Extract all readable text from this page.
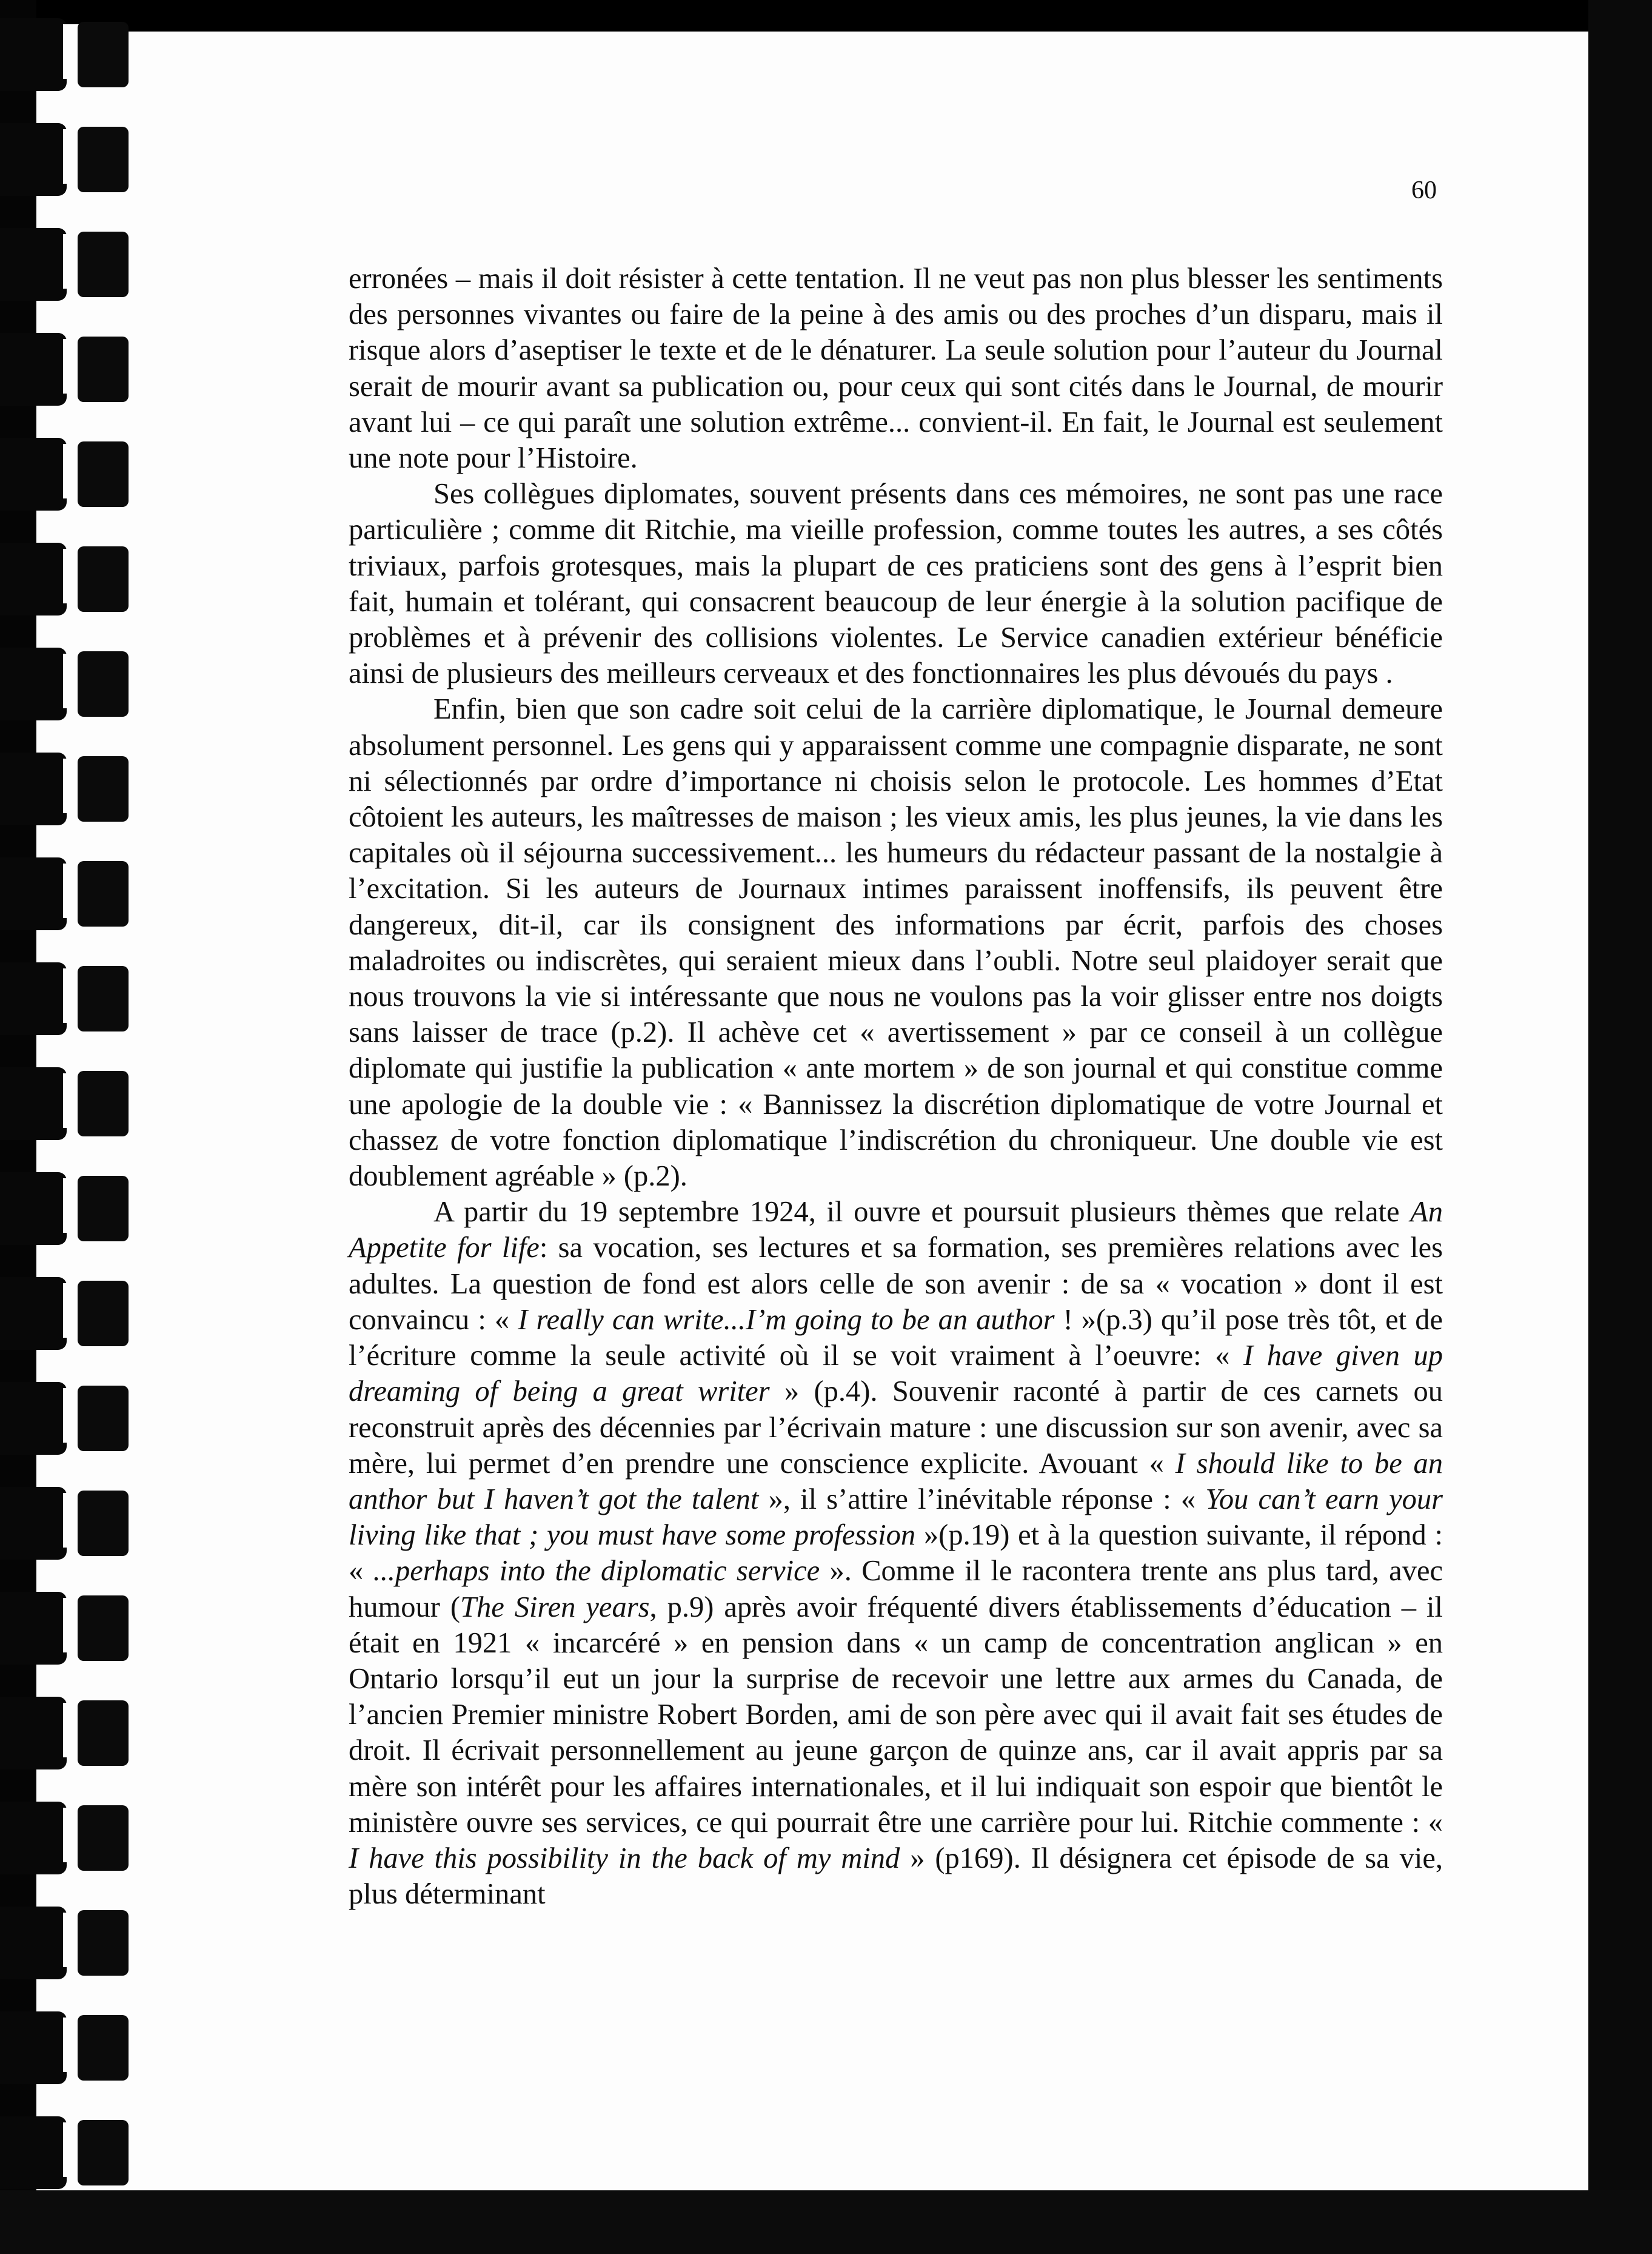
60

erronées – mais il doit résister à cette tentation. Il ne veut pas non plus blesser les sentiments des personnes vivantes ou faire de la peine à des amis ou des proches d’un disparu, mais il risque alors d’aseptiser le texte et de le dénaturer. La seule solution pour l’auteur du Journal serait de mourir avant sa publication ou, pour ceux qui sont cités dans le Journal, de mourir avant lui – ce qui paraît une solution extrême... convient-il. En fait, le Journal est seulement une note pour l’Histoire.

Ses collègues diplomates, souvent présents dans ces mémoires, ne sont pas une race particulière ; comme dit Ritchie, ma vieille profession, comme toutes les autres, a ses côtés triviaux, parfois grotesques, mais la plupart de ces praticiens sont des gens à l’esprit bien fait, humain et tolérant, qui consacrent beaucoup de leur énergie à la solution pacifique de problèmes et à prévenir des collisions violentes. Le Service canadien extérieur bénéficie ainsi de plusieurs des meilleurs cerveaux et des fonctionnaires les plus dévoués du pays .

Enfin, bien que son cadre soit celui de la carrière diplomatique, le Journal demeure absolument personnel. Les gens qui y apparaissent comme une compagnie disparate, ne sont ni sélectionnés par ordre d’importance ni choisis selon le protocole. Les hommes d’Etat côtoient les auteurs, les maîtresses de maison ; les vieux amis, les plus jeunes, la vie dans les capitales où il séjourna successivement... les humeurs du rédacteur passant de la nostalgie à l’excitation. Si les auteurs de Journaux intimes paraissent inoffensifs, ils peuvent être dangereux, dit-il, car ils consignent des informations par écrit, parfois des choses maladroites ou indiscrètes, qui seraient mieux dans l’oubli. Notre seul plaidoyer serait que nous trouvons la vie si intéressante que nous ne voulons pas la voir glisser entre nos doigts sans laisser de trace (p.2). Il achève cet « avertissement » par ce conseil à un collègue diplomate qui justifie la publication « ante mortem » de son journal et qui constitue comme une apologie de la double vie : « Bannissez la discrétion diplomatique de votre Journal et chassez de votre fonction diplomatique l’indiscrétion du chroniqueur. Une double vie est doublement agréable » (p.2).

A partir du 19 septembre 1924, il ouvre et poursuit plusieurs thèmes que relate An Appetite for life: sa vocation, ses lectures et sa formation, ses premières relations avec les adultes. La question de fond est alors celle de son avenir : de sa « vocation » dont il est convaincu : « I really can write...I’m going to be an author ! »(p.3) qu’il pose très tôt, et de l’écriture comme la seule activité où il se voit vraiment à l’oeuvre: « I have given up dreaming of being a great writer » (p.4). Souvenir raconté à partir de ces carnets ou reconstruit après des décennies par l’écrivain mature : une discussion sur son avenir, avec sa mère, lui permet d’en prendre une conscience explicite. Avouant « I should like to be an anthor but I haven’t got the talent », il s’attire l’inévitable réponse : « You can’t earn your living like that ; you must have some profession »(p.19) et à la question suivante, il répond : « ...perhaps into the diplomatic service ». Comme il le racontera trente ans plus tard, avec humour (The Siren years, p.9) après avoir fréquenté divers établissements d’éducation – il était en 1921 « incarcéré » en pension dans « un camp de concentration anglican » en Ontario lorsqu’il eut un jour la surprise de recevoir une lettre aux armes du Canada, de l’ancien Premier ministre Robert Borden, ami de son père avec qui il avait fait ses études de droit. Il écrivait personnellement au jeune garçon de quinze ans, car il avait appris par sa mère son intérêt pour les affaires internationales, et il lui indiquait son espoir que bientôt le ministère ouvre ses services, ce qui pourrait être une carrière pour lui. Ritchie commente : « I have this possibility in the back of my mind » (p169). Il désignera cet épisode de sa vie, plus déterminant
